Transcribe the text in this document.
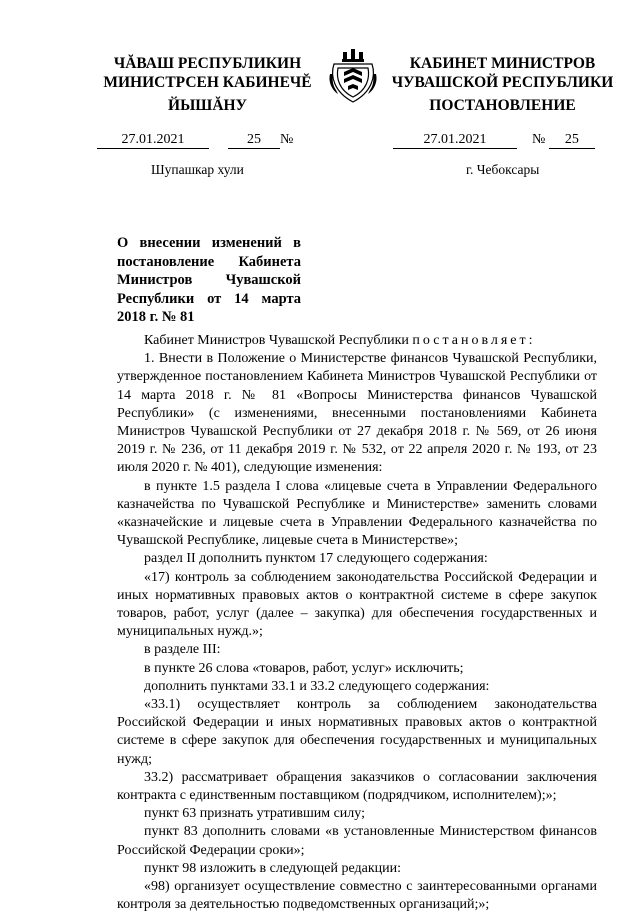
ЧĂВАШ РЕСПУБЛИКИН
МИНИСТРСЕН КАБИНЕЧĔ
ЙЫШĂНУ
КАБИНЕТ МИНИСТРОВ
ЧУВАШСКОЙ РЕСПУБЛИКИ
ПОСТАНОВЛЕНИЕ
27.01.2021	25 №	27.01.2021	№ 25
Шупашкар хули	г. Чебоксары
О внесении изменений в постановление Кабинета Министров Чувашской Республики от 14 марта 2018 г. № 81

Кабинет Министров Чувашской Республики постановляет:

1. Внести в Положение о Министерстве финансов Чувашской Республики, утвержденное постановлением Кабинета Министров Чувашской Республики от 14 марта 2018 г. № 81 «Вопросы Министерства финансов Чувашской Республики» (с изменениями, внесенными постановлениями Кабинета Министров Чувашской Республики от 27 декабря 2018 г. № 569, от 26 июня 2019 г. № 236, от 11 декабря 2019 г. № 532, от 22 апреля 2020 г. № 193, от 23 июля 2020 г. № 401), следующие изменения:

в пункте 1.5 раздела I слова «лицевые счета в Управлении Федерального казначейства по Чувашской Республике и Министерстве» заменить словами «казначейские и лицевые счета в Управлении Федерального казначейства по Чувашской Республике, лицевые счета в Министерстве»;

раздел II дополнить пунктом 17 следующего содержания:

«17) контроль за соблюдением законодательства Российской Федерации и иных нормативных правовых актов о контрактной системе в сфере закупок товаров, работ, услуг (далее – закупка) для обеспечения государственных и муниципальных нужд.»;

в разделе III:

в пункте 26 слова «товаров, работ, услуг» исключить;

дополнить пунктами 33.1 и 33.2 следующего содержания:

«33.1) осуществляет контроль за соблюдением законодательства Российской Федерации и иных нормативных правовых актов о контрактной системе в сфере закупок для обеспечения государственных и муниципальных нужд;

33.2) рассматривает обращения заказчиков о согласовании заключения контракта с единственным поставщиком (подрядчиком, исполнителем);»;

пункт 63 признать утратившим силу;

пункт 83 дополнить словами «в установленные Министерством финансов Российской Федерации сроки»;

пункт 98 изложить в следующей редакции:

«98) организует осуществление совместно с заинтересованными органами контроля за деятельностью подведомственных организаций;»;
